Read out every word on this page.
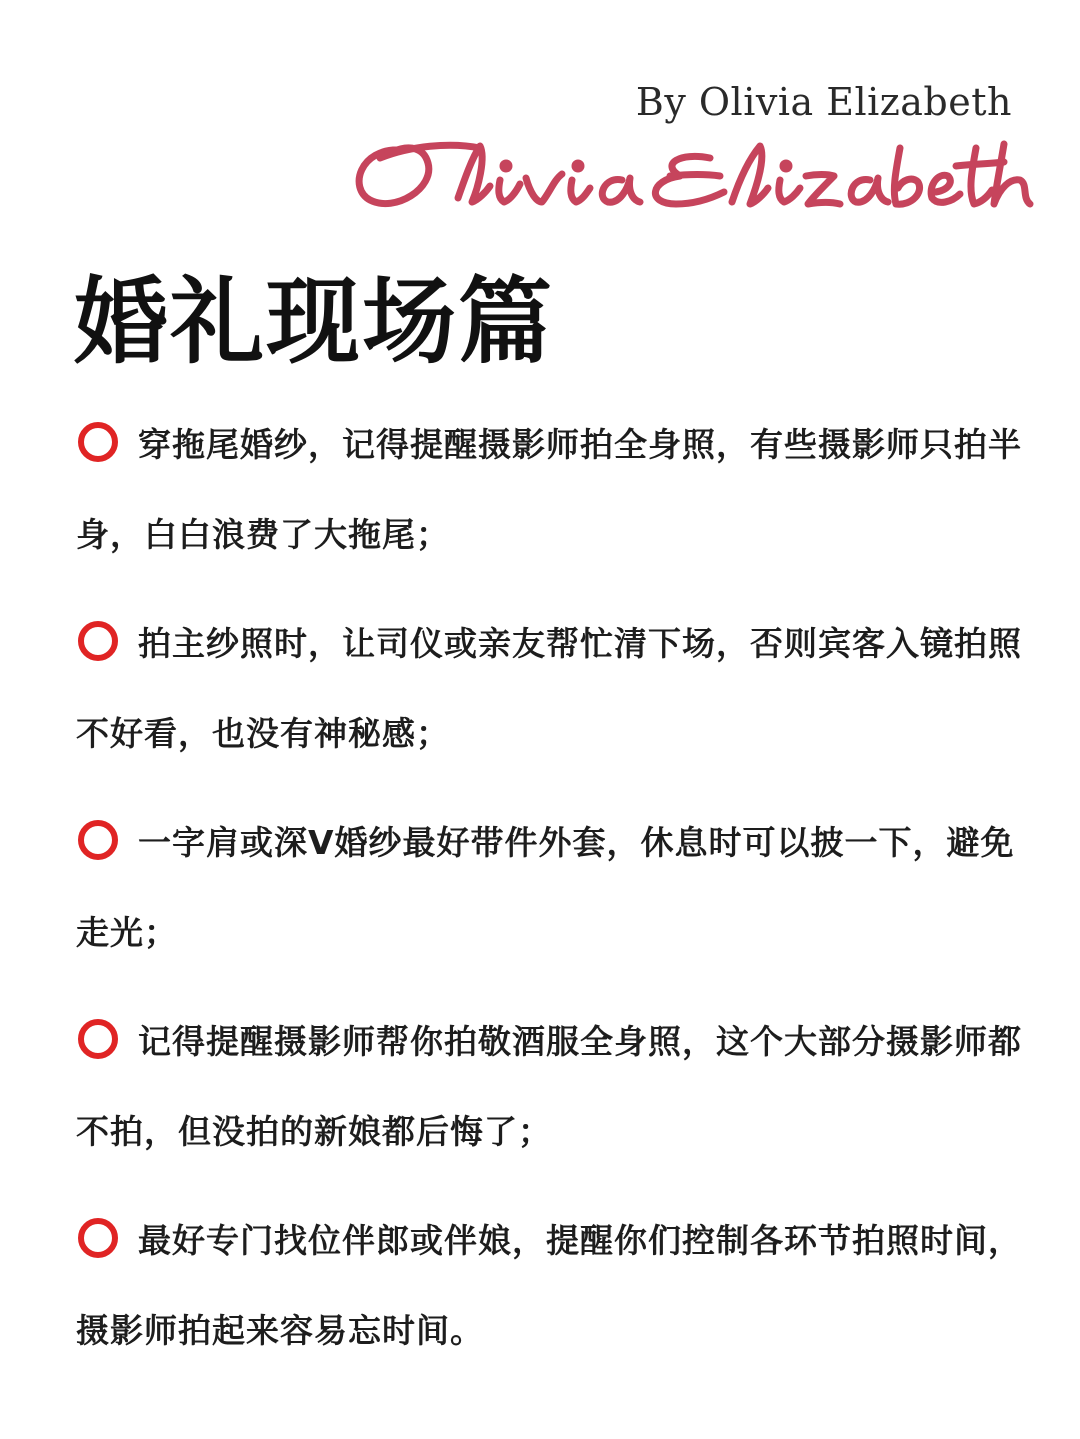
By Olivia Elizabeth
婚礼现场篇
穿拖尾婚纱，记得提醒摄影师拍全身照，有些摄影师只拍半身，白白浪费了大拖尾；
拍主纱照时，让司仪或亲友帮忙清下场，否则宾客入镜拍照不好看，也没有神秘感；
一字肩或深V婚纱最好带件外套，休息时可以披一下，避免走光；
记得提醒摄影师帮你拍敬酒服全身照，这个大部分摄影师都不拍，但没拍的新娘都后悔了；
最好专门找位伴郎或伴娘，提醒你们控制各环节拍照时间，摄影师拍起来容易忘时间。
